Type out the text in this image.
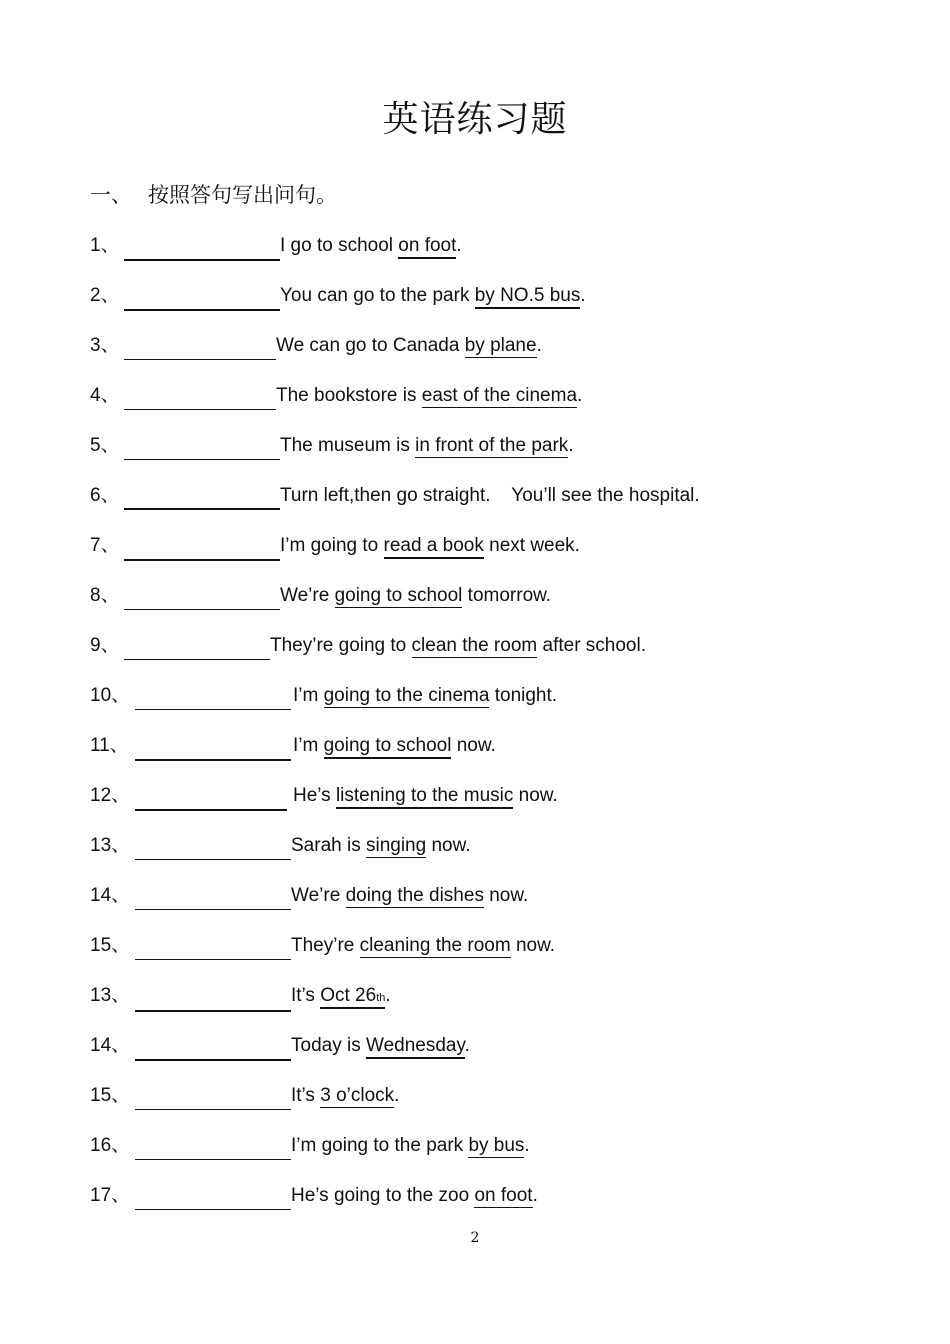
英语练习题
一、 按照答句写出问句。
1、	I go to school on foot.
2、	You can go to the park by NO.5 bus.
3、	We can go to Canada by plane.
4、	The bookstore is east of the cinema.
5、	The museum is in front of the park.
6、	Turn left,then go straight.    You’ll see the hospital.
7、	I’m going to read a book next week.
8、	We’re going to school tomorrow.
9、	They’re going to clean the room after school.
10、	I’m going to the cinema tonight.
11、	I’m going to school now.
12、	He’s listening to the music now.
13、	Sarah is singing now.
14、	We’re doing the dishes now.
15、	They’re cleaning the room now.
13、	It’s Oct 26th.
14、	Today is Wednesday.
15、	It’s 3 o’clock.
16、	I’m going to the park by bus.
17、	He’s going to the zoo on foot.
2
